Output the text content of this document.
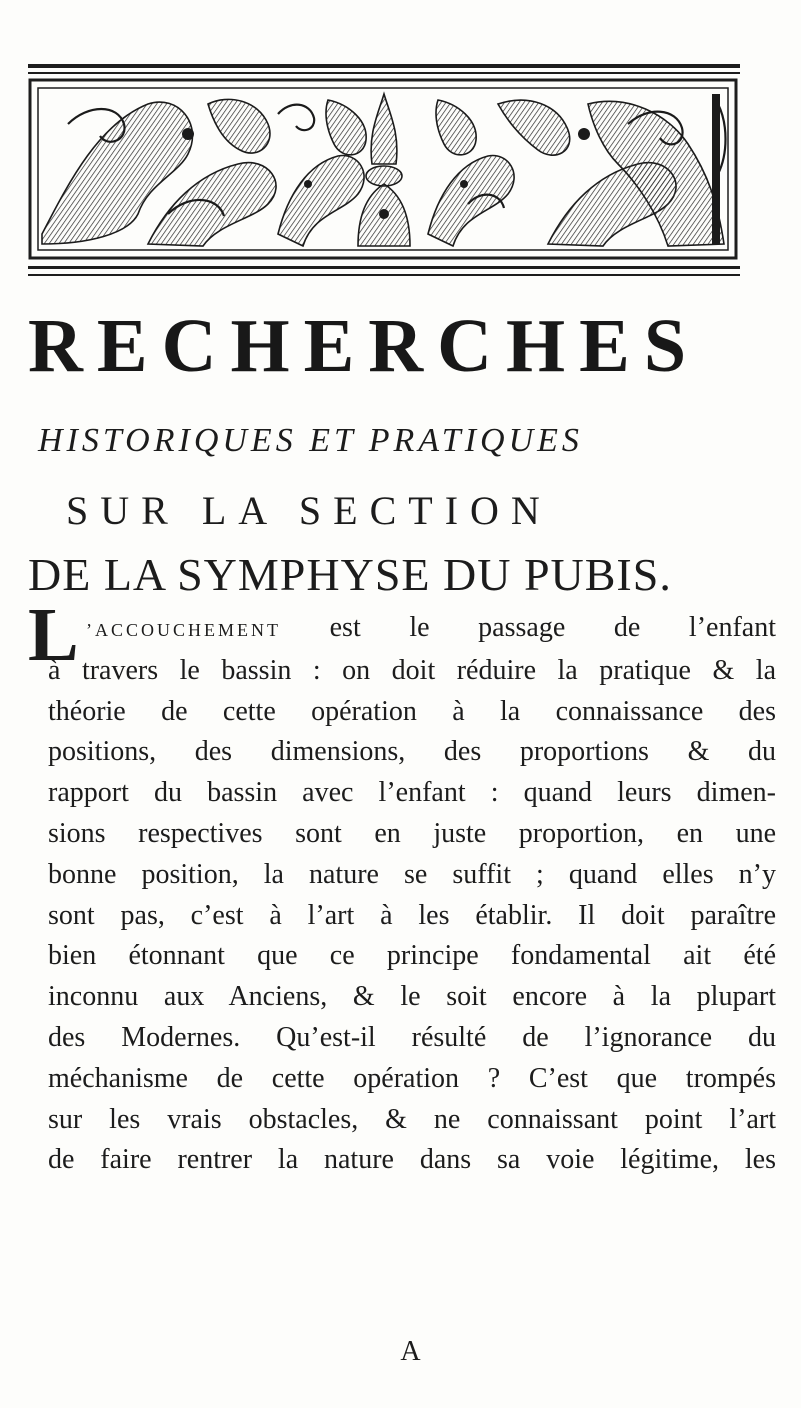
RECHERCHES
HISTORIQUES ET PRATIQUES
SUR LA SECTION
DE LA SYMPHYSE DU PUBIS.
L ’ACCOUCHEMENT est le passage de l’enfant
à travers le bassin : on doit réduire la pratique & la
théorie de cette opération à la connaissance des
positions, des dimensions, des proportions & du
rapport du bassin avec l’enfant : quand leurs dimen-
sions respectives sont en juste proportion, en une
bonne position, la nature se suffit ; quand elles n’y
sont pas, c’est à l’art à les établir. Il doit paraître
bien étonnant que ce principe fondamental ait été
inconnu aux Anciens, & le soit encore à la plupart
des Modernes. Qu’est-il résulté de l’ignorance du
méchanisme de cette opération ? C’est que trompés
sur les vrais obstacles, & ne connaissant point l’art
de faire rentrer la nature dans sa voie légitime, les
A
